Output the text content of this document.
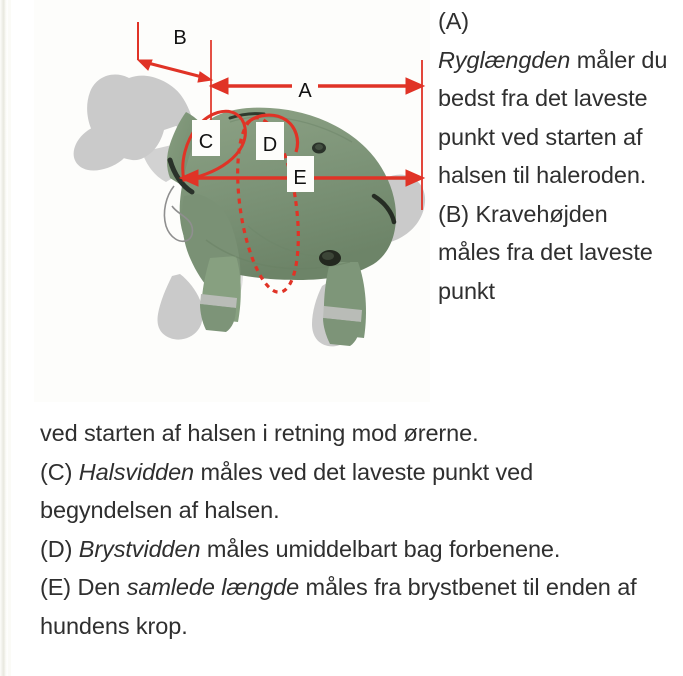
B
A
C D
E

(A)

Ryglængden måler du bedst fra det laveste punkt ved starten af halsen til haleroden.

(B) Kravehøjden måles fra det laveste punkt

ved starten af halsen i retning mod ørerne.

(C) Halsvidden måles ved det laveste punkt ved begyndelsen af halsen.

(D) Brystvidden måles umiddelbart bag forbenene.

(E) Den samlede længde måles fra brystbenet til enden af hundens krop.
